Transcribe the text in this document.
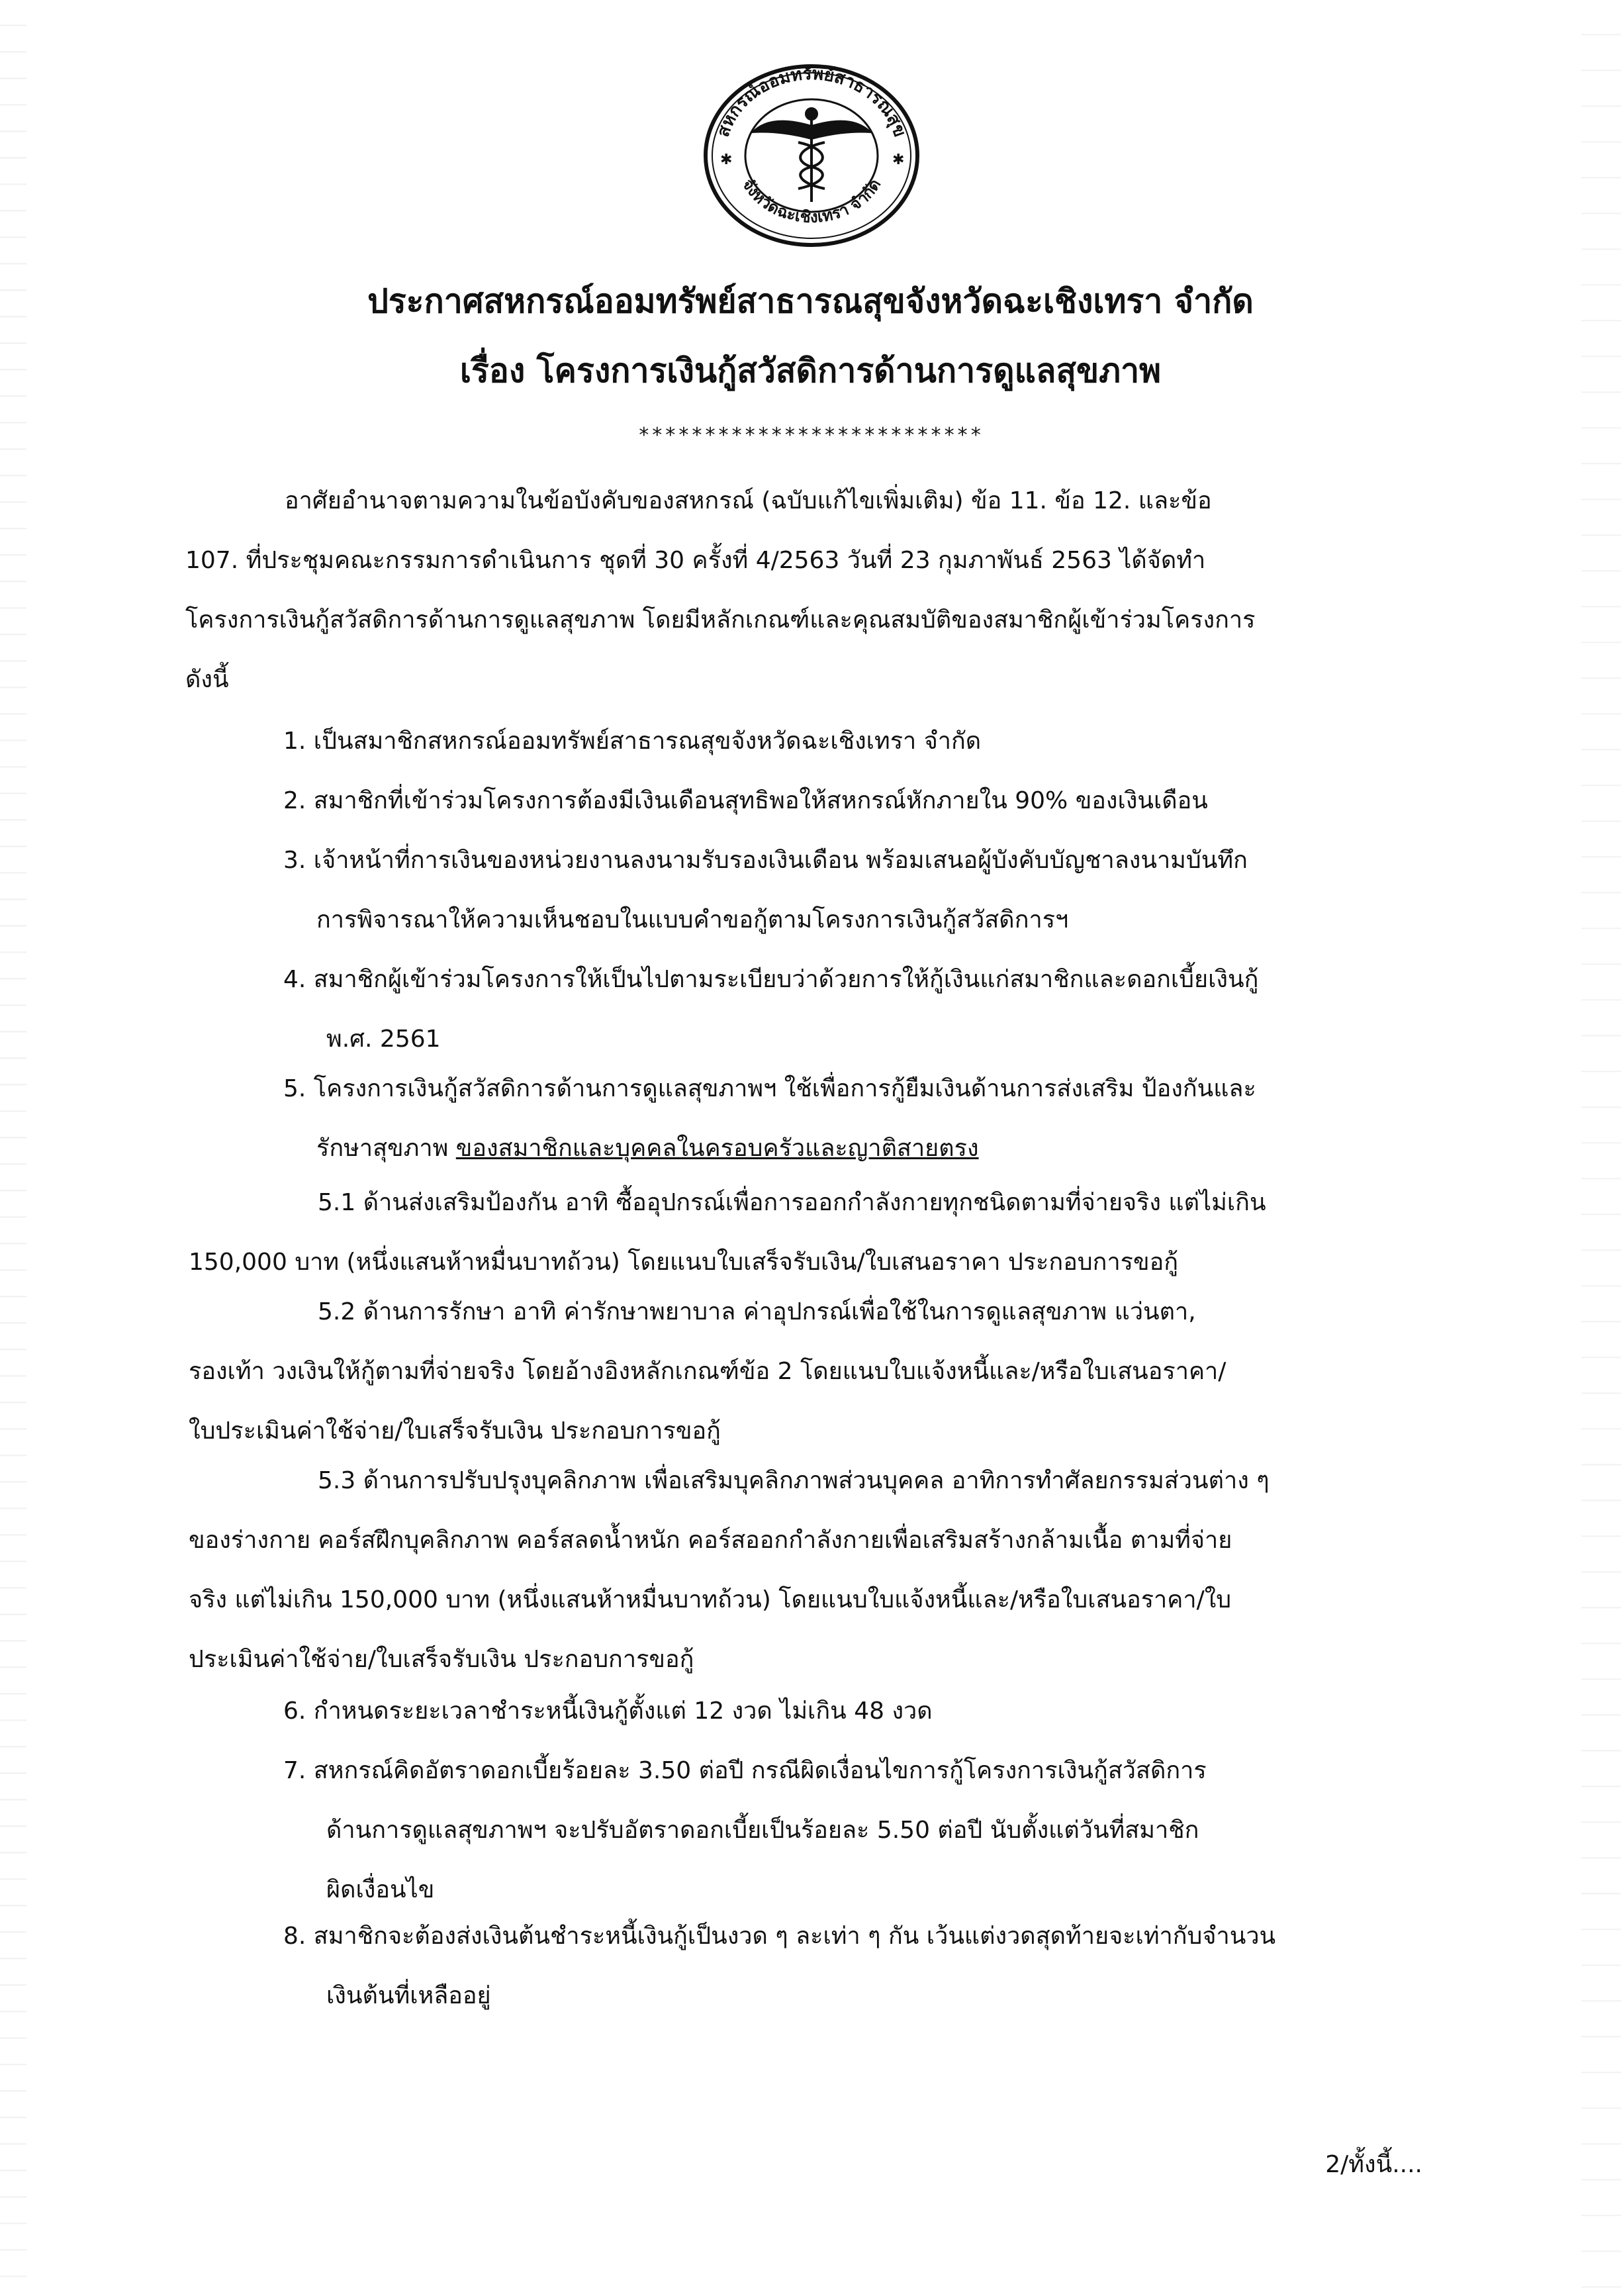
สหกรณ์ออมทรัพย์สาธารณสุข
จังหวัดฉะเชิงเทรา จำกัด
✱	✱
ประกาศสหกรณ์ออมทรัพย์สาธารณสุขจังหวัดฉะเชิงเทรา จำกัด
เรื่อง โครงการเงินกู้สวัสดิการด้านการดูแลสุขภาพ
**************************
อาศัยอำนาจตามความในข้อบังคับของสหกรณ์ (ฉบับแก้ไขเพิ่มเติม) ข้อ 11. ข้อ 12. และข้อ
107. ที่ประชุมคณะกรรมการดำเนินการ ชุดที่ 30 ครั้งที่ 4/2563 วันที่ 23 กุมภาพันธ์ 2563 ได้จัดทำ
โครงการเงินกู้สวัสดิการด้านการดูแลสุขภาพ โดยมีหลักเกณฑ์และคุณสมบัติของสมาชิกผู้เข้าร่วมโครงการ
ดังนี้
1. เป็นสมาชิกสหกรณ์ออมทรัพย์สาธารณสุขจังหวัดฉะเชิงเทรา จำกัด
2. สมาชิกที่เข้าร่วมโครงการต้องมีเงินเดือนสุทธิพอให้สหกรณ์หักภายใน 90% ของเงินเดือน
3. เจ้าหน้าที่การเงินของหน่วยงานลงนามรับรองเงินเดือน พร้อมเสนอผู้บังคับบัญชาลงนามบันทึก
การพิจารณาให้ความเห็นชอบในแบบคำขอกู้ตามโครงการเงินกู้สวัสดิการฯ
4. สมาชิกผู้เข้าร่วมโครงการให้เป็นไปตามระเบียบว่าด้วยการให้กู้เงินแก่สมาชิกและดอกเบี้ยเงินกู้
พ.ศ. 2561
5. โครงการเงินกู้สวัสดิการด้านการดูแลสุขภาพฯ ใช้เพื่อการกู้ยืมเงินด้านการส่งเสริม ป้องกันและ
รักษาสุขภาพ ของสมาชิกและบุคคลในครอบครัวและญาติสายตรง
5.1 ด้านส่งเสริมป้องกัน อาทิ ซื้ออุปกรณ์เพื่อการออกกำลังกายทุกชนิดตามที่จ่ายจริง แต่ไม่เกิน
150,000 บาท (หนึ่งแสนห้าหมื่นบาทถ้วน) โดยแนบใบเสร็จรับเงิน/ใบเสนอราคา ประกอบการขอกู้
5.2 ด้านการรักษา อาทิ ค่ารักษาพยาบาล ค่าอุปกรณ์เพื่อใช้ในการดูแลสุขภาพ แว่นตา,
รองเท้า วงเงินให้กู้ตามที่จ่ายจริง โดยอ้างอิงหลักเกณฑ์ข้อ 2 โดยแนบใบแจ้งหนี้และ/หรือใบเสนอราคา/
ใบประเมินค่าใช้จ่าย/ใบเสร็จรับเงิน ประกอบการขอกู้
5.3 ด้านการปรับปรุงบุคลิกภาพ เพื่อเสริมบุคลิกภาพส่วนบุคคล อาทิการทำศัลยกรรมส่วนต่าง ๆ
ของร่างกาย คอร์สฝึกบุคลิกภาพ คอร์สลดน้ำหนัก คอร์สออกกำลังกายเพื่อเสริมสร้างกล้ามเนื้อ ตามที่จ่าย
จริง แต่ไม่เกิน 150,000 บาท (หนึ่งแสนห้าหมื่นบาทถ้วน) โดยแนบใบแจ้งหนี้และ/หรือใบเสนอราคา/ใบ
ประเมินค่าใช้จ่าย/ใบเสร็จรับเงิน ประกอบการขอกู้
6. กำหนดระยะเวลาชำระหนี้เงินกู้ตั้งแต่ 12 งวด ไม่เกิน 48 งวด
7. สหกรณ์คิดอัตราดอกเบี้ยร้อยละ 3.50 ต่อปี กรณีผิดเงื่อนไขการกู้โครงการเงินกู้สวัสดิการ
ด้านการดูแลสุขภาพฯ จะปรับอัตราดอกเบี้ยเป็นร้อยละ 5.50 ต่อปี นับตั้งแต่วันที่สมาชิก
ผิดเงื่อนไข
8. สมาชิกจะต้องส่งเงินต้นชำระหนี้เงินกู้เป็นงวด ๆ ละเท่า ๆ กัน เว้นแต่งวดสุดท้ายจะเท่ากับจำนวน
เงินต้นที่เหลืออยู่
2/ทั้งนี้....
